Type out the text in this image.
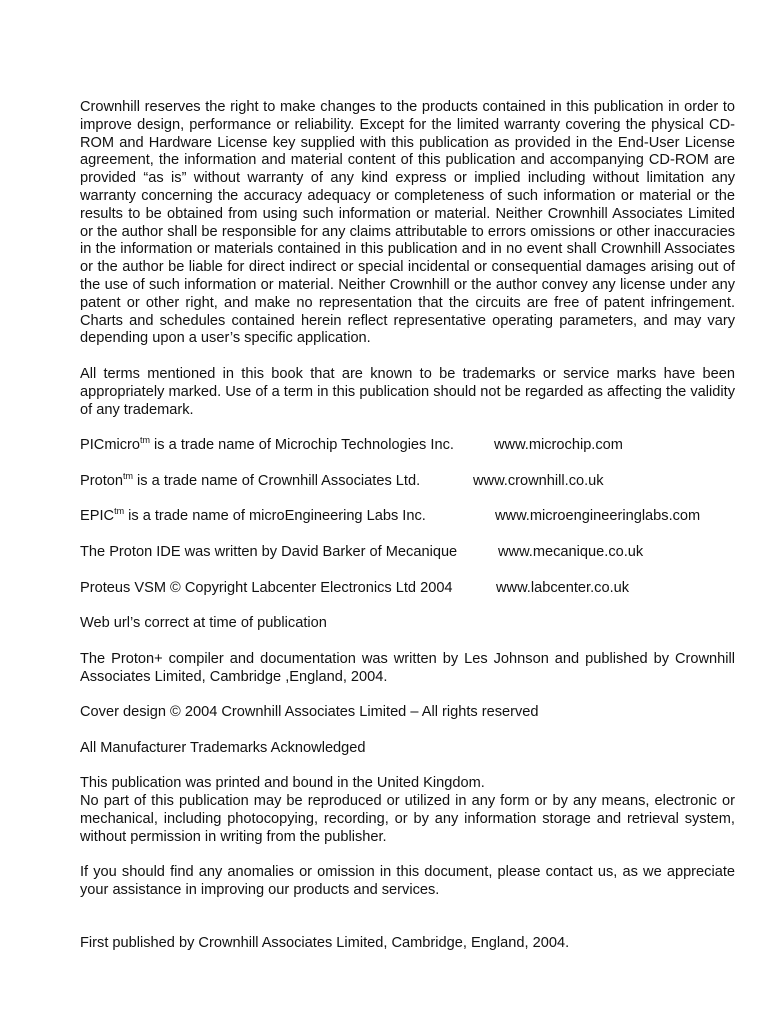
Crownhill reserves the right to make changes to the products contained in this publication in order to improve design, performance or reliability. Except for the limited warranty covering the physical CD-ROM and Hardware License key supplied with this publication as provided in the End-User License agreement, the information and material content of this publication and accompanying CD-ROM are provided “as is” without warranty of any kind express or implied including without limitation any warranty concerning the accuracy adequacy or completeness of such information or material or the results to be obtained from using such information or material. Neither Crownhill Associates Limited or the author shall be responsible for any claims attributable to errors omissions or other inaccuracies in the information or materials contained in this publication and in no event shall Crownhill Associates or the author be liable for direct indirect or special incidental or consequential damages arising out of the use of such information or material. Neither Crownhill or the author convey any license under any patent or other right, and make no representation that the circuits are free of patent infringement. Charts and schedules contained herein reflect representative operating parameters, and may vary depending upon a user’s specific application.

All terms mentioned in this book that are known to be trademarks or service marks have been appropriately marked. Use of a term in this publication should not be regarded as affecting the validity of any trademark.

PICmicro$^{tm}$ is a trade name of Microchip Technologies Inc.	www.microchip.com
Proton$^{tm}$ is a trade name of Crownhill Associates Ltd.	www.crownhill.co.uk
$EPIC^{tm}$ is a trade name of microEngineering Labs Inc.	www.microengineeringlabs.com
The Proton IDE was written by David Barker of Mecanique	www.mecanique.co.uk
Proteus VSM © Copyright Labcenter Electronics Ltd 2004	www.labcenter.co.uk

Web url’s correct at time of publication

The Proton+ compiler and documentation was written by Les Johnson and published by Crownhill Associates Limited, Cambridge ,England, 2004.

Cover design © 2004 Crownhill Associates Limited – All rights reserved

All Manufacturer Trademarks Acknowledged

This publication was printed and bound in the United Kingdom.

No part of this publication may be reproduced or utilized in any form or by any means, electronic or mechanical, including photocopying, recording, or by any information storage and retrieval system, without permission in writing from the publisher.

If you should find any anomalies or omission in this document, please contact us, as we appreciate your assistance in improving our products and services.

First published by Crownhill Associates Limited, Cambridge, England, 2004.
